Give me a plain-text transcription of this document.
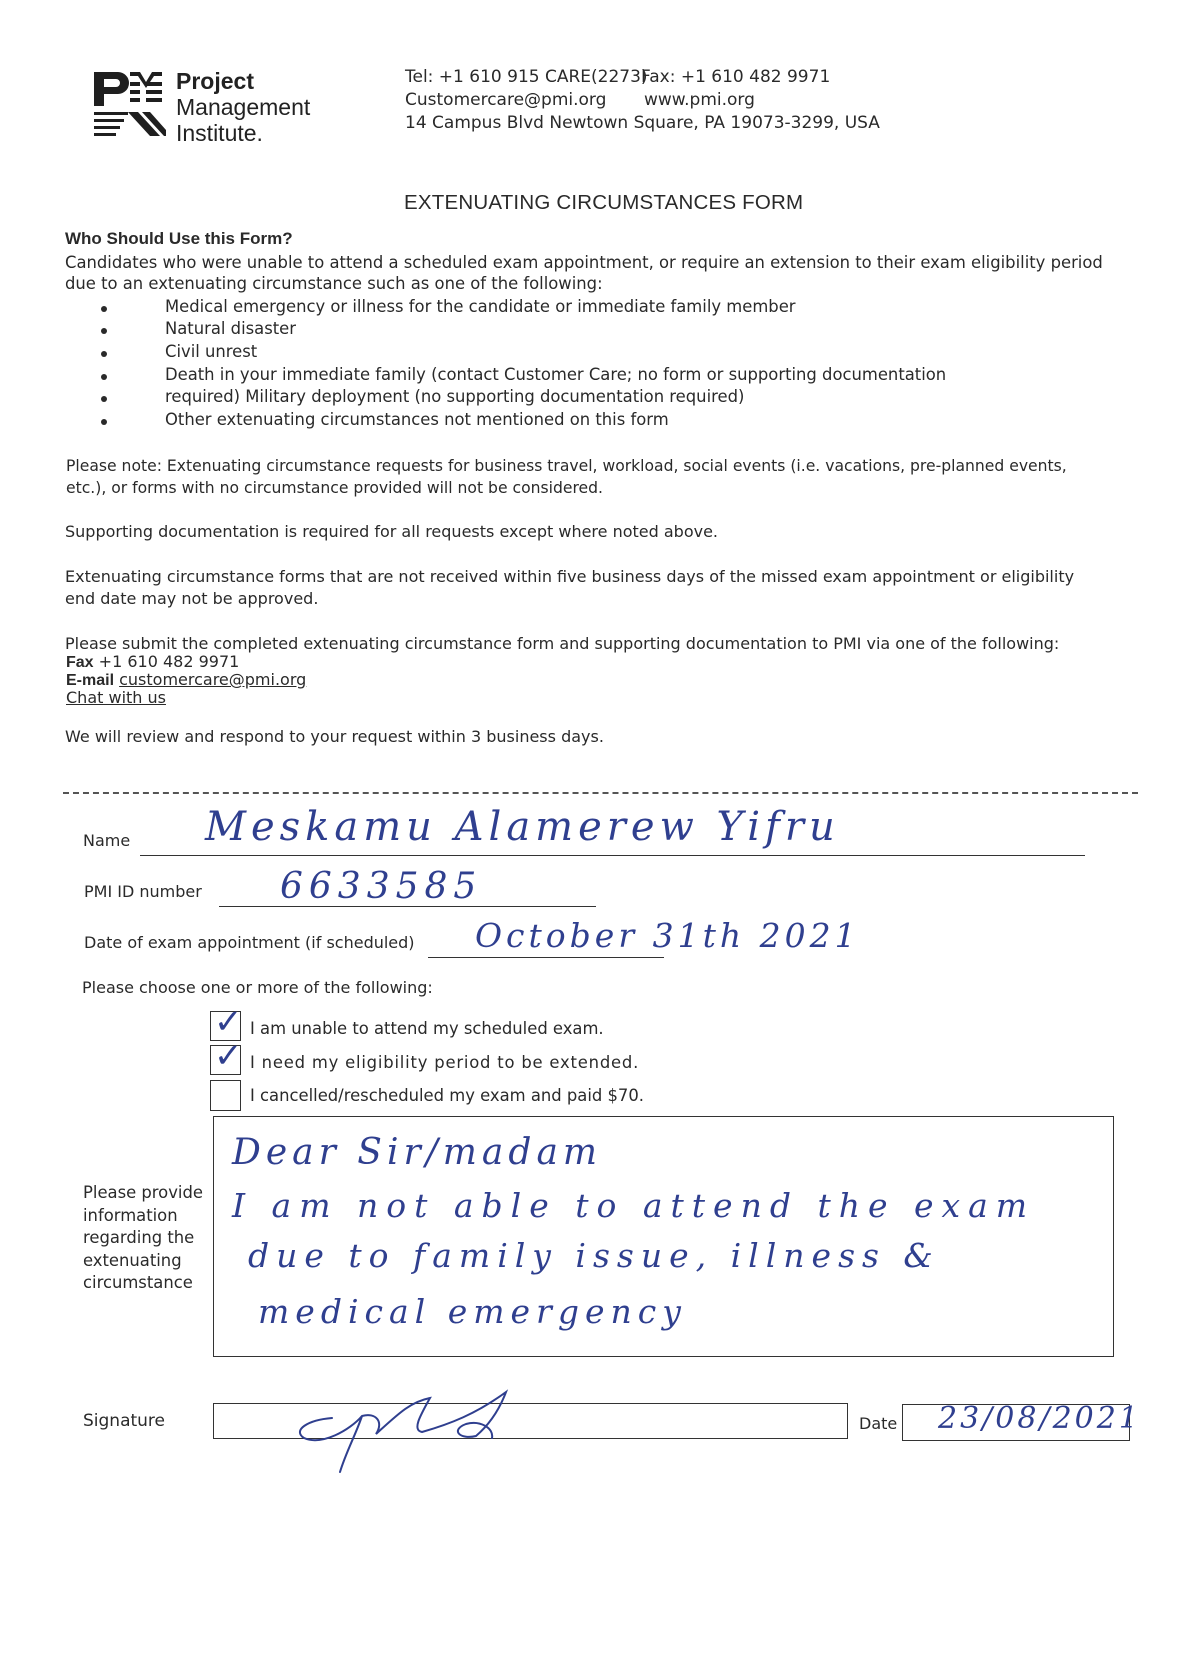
Project
Management
Institute.
Tel: +1 610 915 CARE(2273)
Fax: +1 610 482 9971
Customercare@pmi.org www.pmi.org
14 Campus Blvd Newtown Square, PA 19073-3299, USA
EXTENUATING CIRCUMSTANCES FORM
Who Should Use this Form?
Candidates who were unable to attend a scheduled exam appointment, or require an extension to their exam eligibility period
due to an extenuating circumstance such as one of the following:
Medical emergency or illness for the candidate or immediate family member
Natural disaster
Civil unrest
Death in your immediate family (contact Customer Care; no form or supporting documentation
required) Military deployment (no supporting documentation required)
Other extenuating circumstances not mentioned on this form
Please note: Extenuating circumstance requests for business travel, workload, social events (i.e. vacations, pre-planned events,
etc.), or forms with no circumstance provided will not be considered.
Supporting documentation is required for all requests except where noted above.
Extenuating circumstance forms that are not received within five business days of the missed exam appointment or eligibility
end date may not be approved.
Please submit the completed extenuating circumstance form and supporting documentation to PMI via one of the following:
Fax +1 610 482 9971
E-mail customercare@pmi.org
Chat with us
We will review and respond to your request within 3 business days.
Name Meskamu Alamerew Yifru
PMI ID number 6633585
Date of exam appointment (if scheduled) October 31th 2021
Please choose one or more of the following:
✓ I am unable to attend my scheduled exam.
✓ I need my eligibility period to be extended.
I cancelled/rescheduled my exam and paid $70.
Please provide
information
regarding the
extenuating
circumstance
Dear Sir/madam
I am not able to attend the exam
due to family issue, illness &
medical emergency
Signature	Date 23/08/2021
